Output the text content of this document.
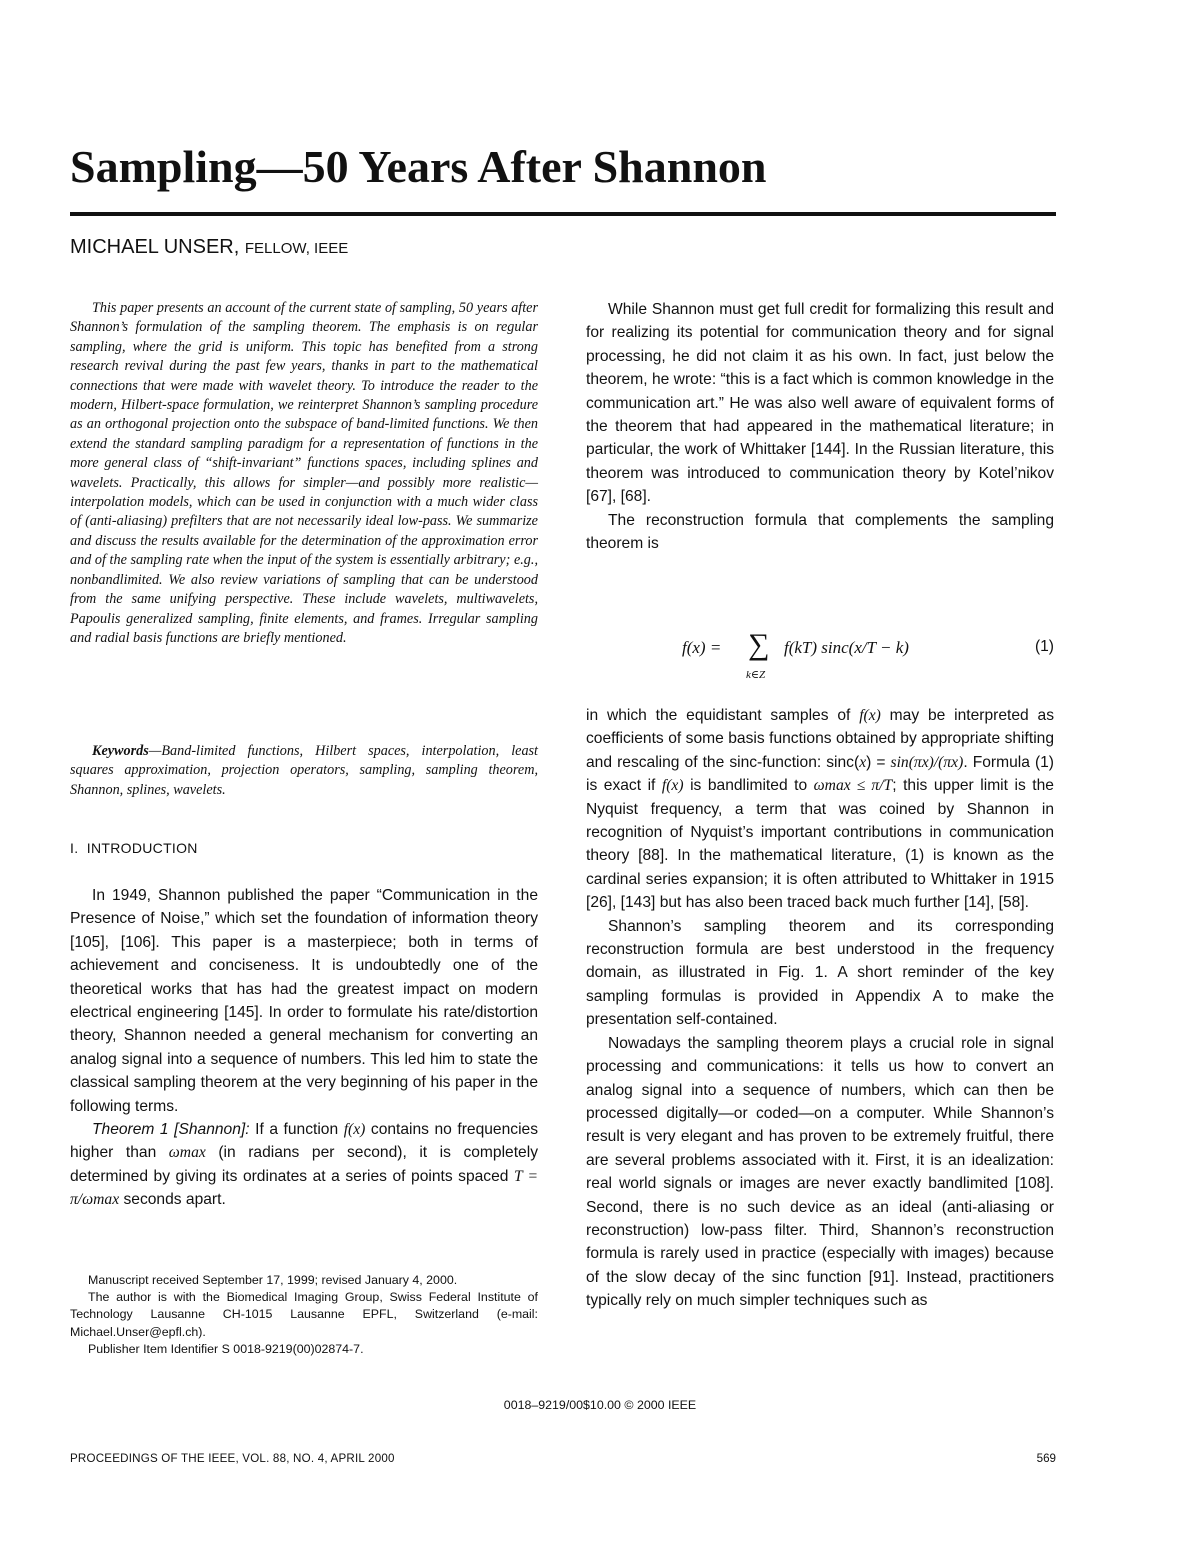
Sampling—50 Years After Shannon
MICHAEL UNSER, FELLOW, IEEE

This paper presents an account of the current state of sampling, 50 years after Shannon’s formulation of the sampling theorem. The emphasis is on regular sampling, where the grid is uniform. This topic has benefited from a strong research revival during the past few years, thanks in part to the mathematical connections that were made with wavelet theory. To introduce the reader to the modern, Hilbert-space formulation, we reinterpret Shannon’s sampling procedure as an orthogonal projection onto the subspace of band-limited functions. We then extend the standard sampling paradigm for a representation of functions in the more general class of “shift-invariant” functions spaces, including splines and wavelets. Practically, this allows for simpler—and possibly more realistic—interpolation models, which can be used in conjunction with a much wider class of (anti-aliasing) prefilters that are not necessarily ideal low-pass. We summarize and discuss the results available for the determination of the approximation error and of the sampling rate when the input of the system is essentially arbitrary; e.g., nonbandlimited. We also review variations of sampling that can be understood from the same unifying perspective. These include wavelets, multiwavelets, Papoulis generalized sampling, finite elements, and frames. Irregular sampling and radial basis functions are briefly mentioned.

Keywords—Band-limited functions, Hilbert spaces, interpolation, least squares approximation, projection operators, sampling, sampling theorem, Shannon, splines, wavelets.

I. INTRODUCTION

In 1949, Shannon published the paper “Communication in the Presence of Noise,” which set the foundation of information theory [105], [106]. This paper is a masterpiece; both in terms of achievement and conciseness. It is undoubtedly one of the theoretical works that has had the greatest impact on modern electrical engineering [145]. In order to formulate his rate/distortion theory, Shannon needed a general mechanism for converting an analog signal into a sequence of numbers. This led him to state the classical sampling theorem at the very beginning of his paper in the following terms.

Theorem 1 [Shannon]: If a function f(x) contains no frequencies higher than ωmax (in radians per second), it is completely determined by giving its ordinates at a series of points spaced T = π/ωmax seconds apart.

While Shannon must get full credit for formalizing this result and for realizing its potential for communication theory and for signal processing, he did not claim it as his own. In fact, just below the theorem, he wrote: “this is a fact which is common knowledge in the communication art.” He was also well aware of equivalent forms of the theorem that had appeared in the mathematical literature; in particular, the work of Whittaker [144]. In the Russian literature, this theorem was introduced to communication theory by Kotel’nikov [67], [68].

The reconstruction formula that complements the sampling theorem is

f(x) = ∑
k∈Z
f(kT) sinc(x/T − k)	(1)

in which the equidistant samples of f(x) may be interpreted as coefficients of some basis functions obtained by appropriate shifting and rescaling of the sinc-function: sinc(x) = sin(πx)/(πx). Formula (1) is exact if f(x) is bandlimited to ωmax ≤ π/T; this upper limit is the Nyquist frequency, a term that was coined by Shannon in recognition of Nyquist’s important contributions in communication theory [88]. In the mathematical literature, (1) is known as the cardinal series expansion; it is often attributed to Whittaker in 1915 [26], [143] but has also been traced back much further [14], [58].

Shannon’s sampling theorem and its corresponding reconstruction formula are best understood in the frequency domain, as illustrated in Fig. 1. A short reminder of the key sampling formulas is provided in Appendix A to make the presentation self-contained.

Nowadays the sampling theorem plays a crucial role in signal processing and communications: it tells us how to convert an analog signal into a sequence of numbers, which can then be processed digitally—or coded—on a computer. While Shannon’s result is very elegant and has proven to be extremely fruitful, there are several problems associated with it. First, it is an idealization: real world signals or images are never exactly bandlimited [108]. Second, there is no such device as an ideal (anti-aliasing or reconstruction) low-pass filter. Third, Shannon’s reconstruction formula is rarely used in practice (especially with images) because of the slow decay of the sinc function [91]. Instead, practitioners typically rely on much simpler techniques such as

Manuscript received September 17, 1999; revised January 4, 2000.

The author is with the Biomedical Imaging Group, Swiss Federal Institute of Technology Lausanne CH-1015 Lausanne EPFL, Switzerland (e-mail: Michael.Unser@epfl.ch).

Publisher Item Identifier S 0018-9219(00)02874-7.

0018–9219/00$10.00 © 2000 IEEE
PROCEEDINGS OF THE IEEE, VOL. 88, NO. 4, APRIL 2000	569
